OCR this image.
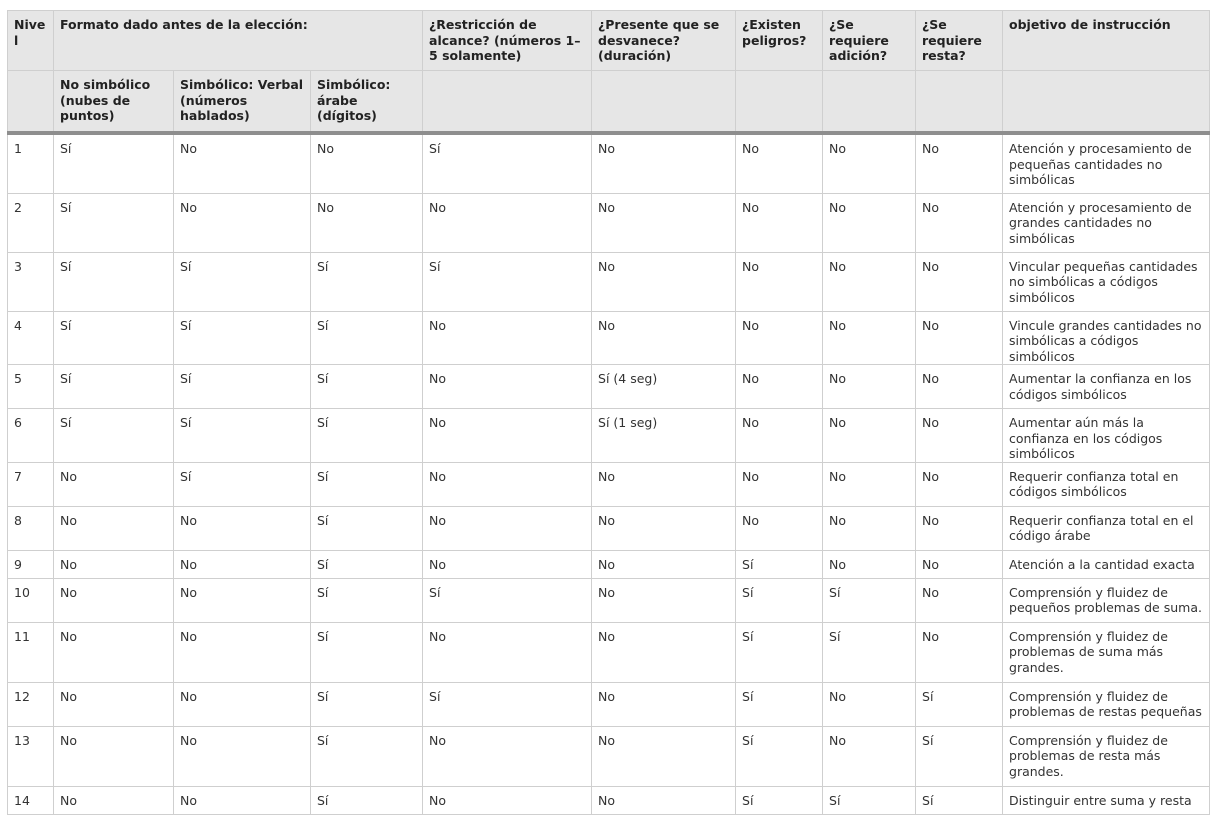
Nivel	Formato dado antes de la elección:			¿Restricción de alcance? (números 1–5 solamente)	¿Presente que se desvanece? (duración)	¿Existen peligros?	¿Se requiere adición?	¿Se requiere resta?	objetivo de instrucción
	No simbólico (nubes de puntos)	Simbólico: Verbal (números hablados)	Simbólico: árabe (dígitos)						
1	Sí	No	No	Sí	No	No	No	No	Atención y procesamiento de pequeñas cantidades no simbólicas
2	Sí	No	No	No	No	No	No	No	Atención y procesamiento de grandes cantidades no simbólicas
3	Sí	Sí	Sí	Sí	No	No	No	No	Vincular pequeñas cantidades no simbólicas a códigos simbólicos
4	Sí	Sí	Sí	No	No	No	No	No	Vincule grandes cantidades no simbólicas a códigos simbólicos
5	Sí	Sí	Sí	No	Sí (4 seg)	No	No	No	Aumentar la confianza en los códigos simbólicos
6	Sí	Sí	Sí	No	Sí (1 seg)	No	No	No	Aumentar aún más la confianza en los códigos simbólicos
7	No	Sí	Sí	No	No	No	No	No	Requerir confianza total en códigos simbólicos
8	No	No	Sí	No	No	No	No	No	Requerir confianza total en el código árabe
9	No	No	Sí	No	No	Sí	No	No	Atención a la cantidad exacta
10	No	No	Sí	Sí	No	Sí	Sí	No	Comprensión y fluidez de pequeños problemas de suma.
11	No	No	Sí	No	No	Sí	Sí	No	Comprensión y fluidez de problemas de suma más grandes.
12	No	No	Sí	Sí	No	Sí	No	Sí	Comprensión y fluidez de problemas de restas pequeñas
13	No	No	Sí	No	No	Sí	No	Sí	Comprensión y fluidez de problemas de resta más grandes.
14	No	No	Sí	No	No	Sí	Sí	Sí	Distinguir entre suma y resta
